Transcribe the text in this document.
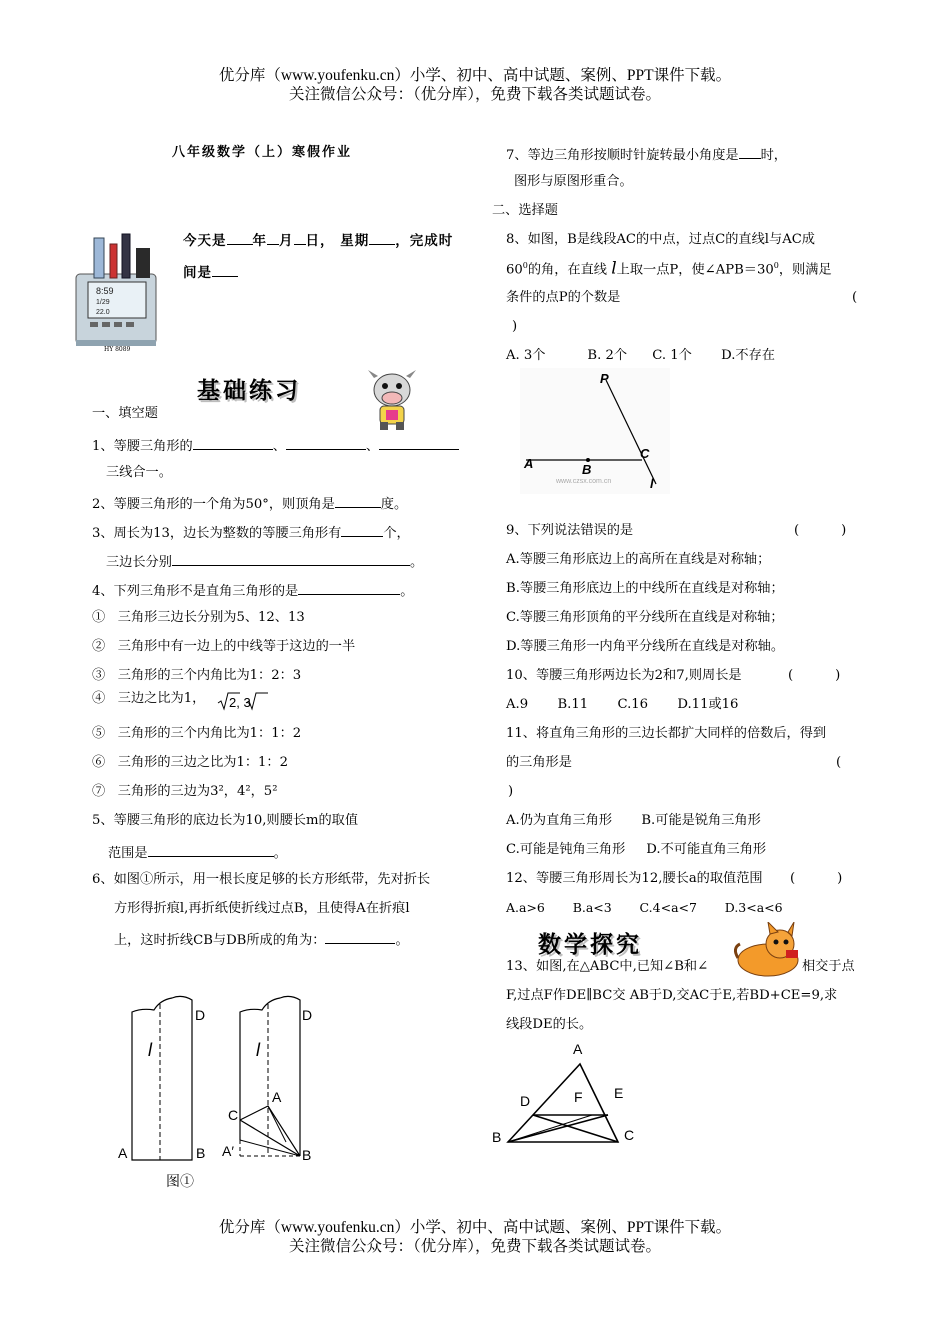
优分库（www.youfenku.cn）小学、初中、高中试题、案例、PPT课件下载。
关注微信公众号：（优分库），免费下载各类试题试卷。
八年级数学（上）寒假作业
8:59
1/29
22.0
HY 8089
今天是 年 月 日， 星期 ，完成时
间是
基础练习
一、填空题
1、等腰三角形的	、	、
三线合一。
2、等腰三角形的一个角为50°，则顶角是	度。
3、周长为13，边长为整数的等腰三角形有	个，
三边长分别	。
4、下列三角形不是直角三角形的是	。
① 三角形三边长分别为5、12、13
② 三角形中有一边上的中线等于这边的一半
③ 三角形的三个内角比为1：2：3
④ 三边之比为1， 2, 3
⑤ 三角形的三个内角比为1：1：2
⑥ 三角形的三边之比为1：1：2
⑦ 三角形的三边为3²，4²，5²
5、等腰三角形的底边长为10,则腰长m的取值
范围是	。
6、如图①所示，用一根长度足够的长方形纸带，先对折长
方形得折痕l,再折纸使折线过点B，且使得A在折痕l
上，这时折线CB与DB所成的角为：	。
l
D
A	B
l
D
A
C
A′	B
图①
7、等边三角形按顺时针旋转最小角度是 时，
图形与原图形重合。
二、选择题
8、如图，B是线段AC的中点，过点C的直线l与AC成
$60^0$的角，在直线 l上取一点P，使$\angle APB=30^0$，则满足
条件的点P的个数是	(
)
A. 3个          B. 2个      C. 1个       D.不存在
P
A	B
C
l
www.czsx.com.cn
9、下列说法错误的是	(          )
A.等腰三角形底边上的高所在直线是对称轴；
B.等腰三角形底边上的中线所在直线是对称轴；
C.等腰三角形顶角的平分线所在直线是对称轴；
D.等腰三角形一内角平分线所在直线是对称轴。
10、等腰三角形两边长为2和7,则周长是	(          )
A.9       B.11       C.16       D.11或16
11、将直角三角形的三边长都扩大同样的倍数后，得到
的三角形是	(
)
A.仍为直角三角形       B.可能是锐角三角形
C.可能是钝角三角形     D.不可能直角三角形
12、等腰三角形周长为12,腰长a的取值范围 (          )
A.a>6       B.a<3       C.4<a<7       D.3<a<6
数学探究
13、如图,在△ABC中,已知∠B和∠	相交于点
F,过点F作DE∥BC交 AB于D,交AC于E,若BD+CE=9,求
线段DE的长。
A
B	C
D	E
F
优分库（www.youfenku.cn）小学、初中、高中试题、案例、PPT课件下载。
关注微信公众号：（优分库），免费下载各类试题试卷。
